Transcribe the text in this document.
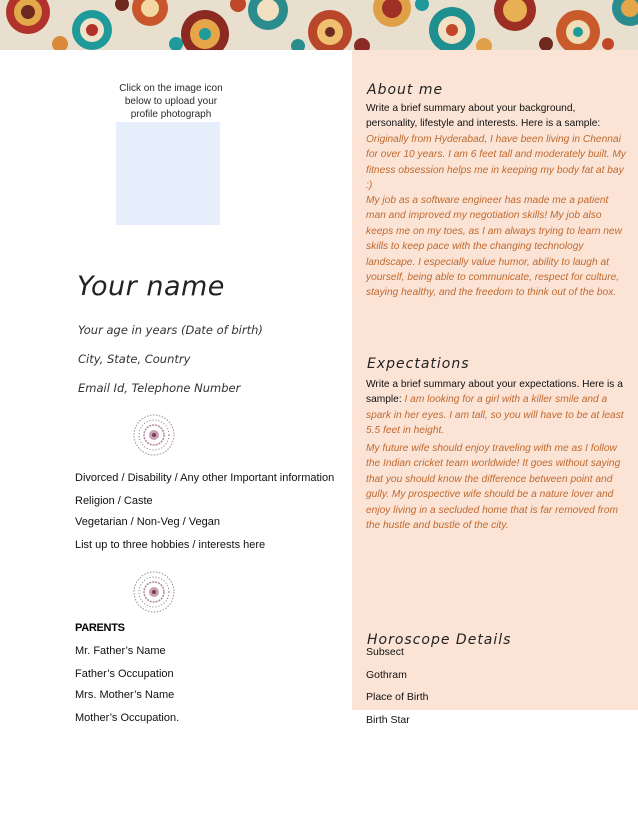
Click on the image icon below to upload your profile photograph
Your name
Your age in years (Date of birth)
City, State, Country
Email Id, Telephone Number
Divorced / Disability / Any other Important information
Religion / Caste
Vegetarian / Non-Veg / Vegan
List up to three hobbies / interests here
PARENTS
Mr. Father’s Name
Father’s Occupation
Mrs. Mother’s Name
Mother’s Occupation.
About me
Write a brief summary about your background, personality, lifestyle and interests. Here is a sample: Originally from Hyderabad, I have been living in Chennai for over 10 years. I am 6 feet tall and moderately built. My fitness obsession helps me in keeping my body fat at bay :)
My job as a software engineer has made me a patient man and improved my negotiation skills! My job also keeps me on my toes, as I am always trying to learn new skills to keep pace with the changing technology landscape. I especially value humor, ability to laugh at yourself, being able to communicate, respect for culture, staying healthy, and the freedom to think out of the box.
Expectations
Write a brief summary about your expectations. Here is a sample: I am looking for a girl with a killer smile and a spark in her eyes. I am tall, so you will have to be at least 5.5 feet in height.
My future wife should enjoy traveling with me as I follow the Indian cricket team worldwide! It goes without saying that you should know the difference between point and gully. My prospective wife should be a nature lover and enjoy living in a secluded home that is far removed from the hustle and bustle of the city.
Horoscope Details
Subsect
Gothram
Place of Birth
Birth Star
